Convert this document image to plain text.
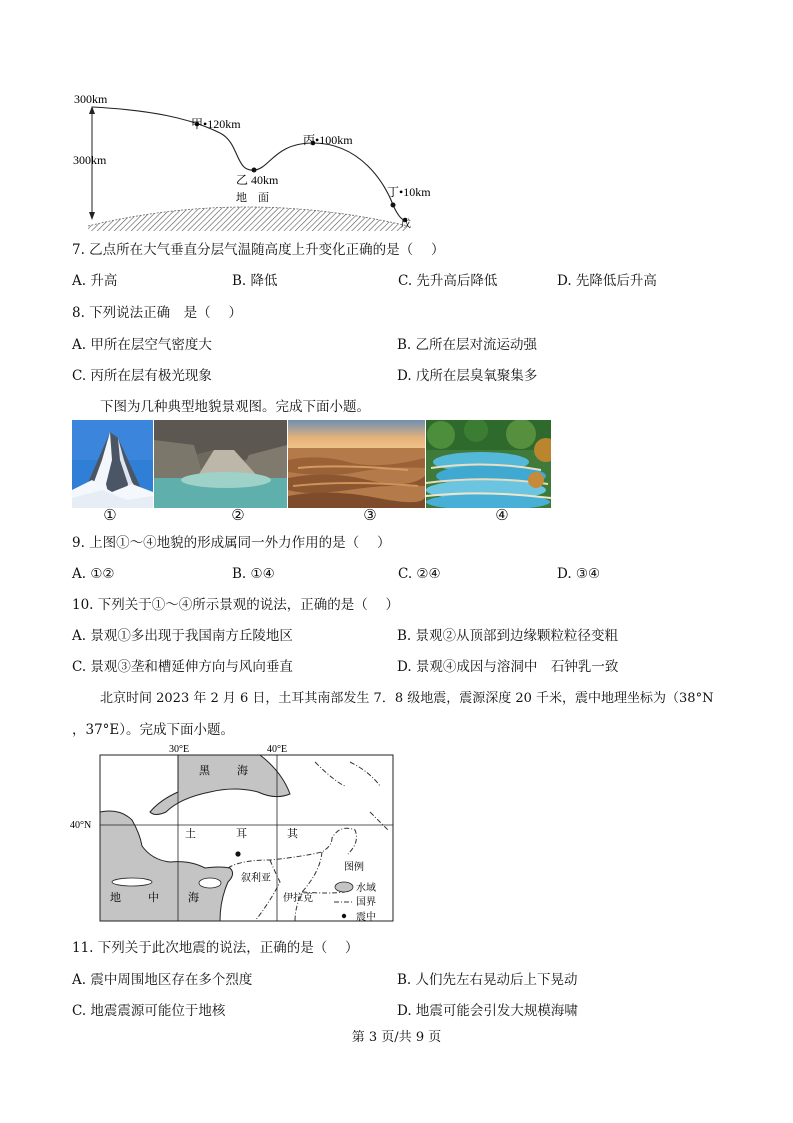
300km
300km
甲•120km
乙 40km
丙•100km
丁•10km
戊
地　面
7. 乙点所在大气垂直分层气温随高度上升变化正确的是（　 ）
A. 升高	B. 降低	C. 先升高后降低	D. 先降低后升高
8. 下列说法正确　是（　 ）
A. 甲所在层空气密度大	B. 乙所在层对流运动强
C. 丙所在层有极光现象	D. 戊所在层臭氧聚集多
下图为几种典型地貌景观图。完成下面小题。
①	②	③	④
9. 上图①～④地貌的形成属同一外力作用的是（　 ）
A. ①②	B. ①④	C. ②④	D. ③④
10. 下列关于①～④所示景观的说法，正确的是（　 ）
A. 景观①多出现于我国南方丘陵地区	B. 景观②从顶部到边缘颗粒粒径变粗
C. 景观③垄和槽延伸方向与风向垂直	D. 景观④成因与溶洞中　石钟乳一致
北京时间 2023 年 2 月 6 日，土耳其南部发生 7．8 级地震，震源深度 20 千米，震中地理坐标为（38°N
，37°E）。完成下面小题。
30°E	40°E
40°N
黑 海
土	耳	其
地 中	海
叙利亚
伊拉克
图例
水域
国界
震中
11. 下列关于此次地震的说法，正确的是（　 ）
A. 震中周围地区存在多个烈度	B. 人们先左右晃动后上下晃动
C. 地震震源可能位于地核	D. 地震可能会引发大规模海啸
第 3 页/共 9 页
